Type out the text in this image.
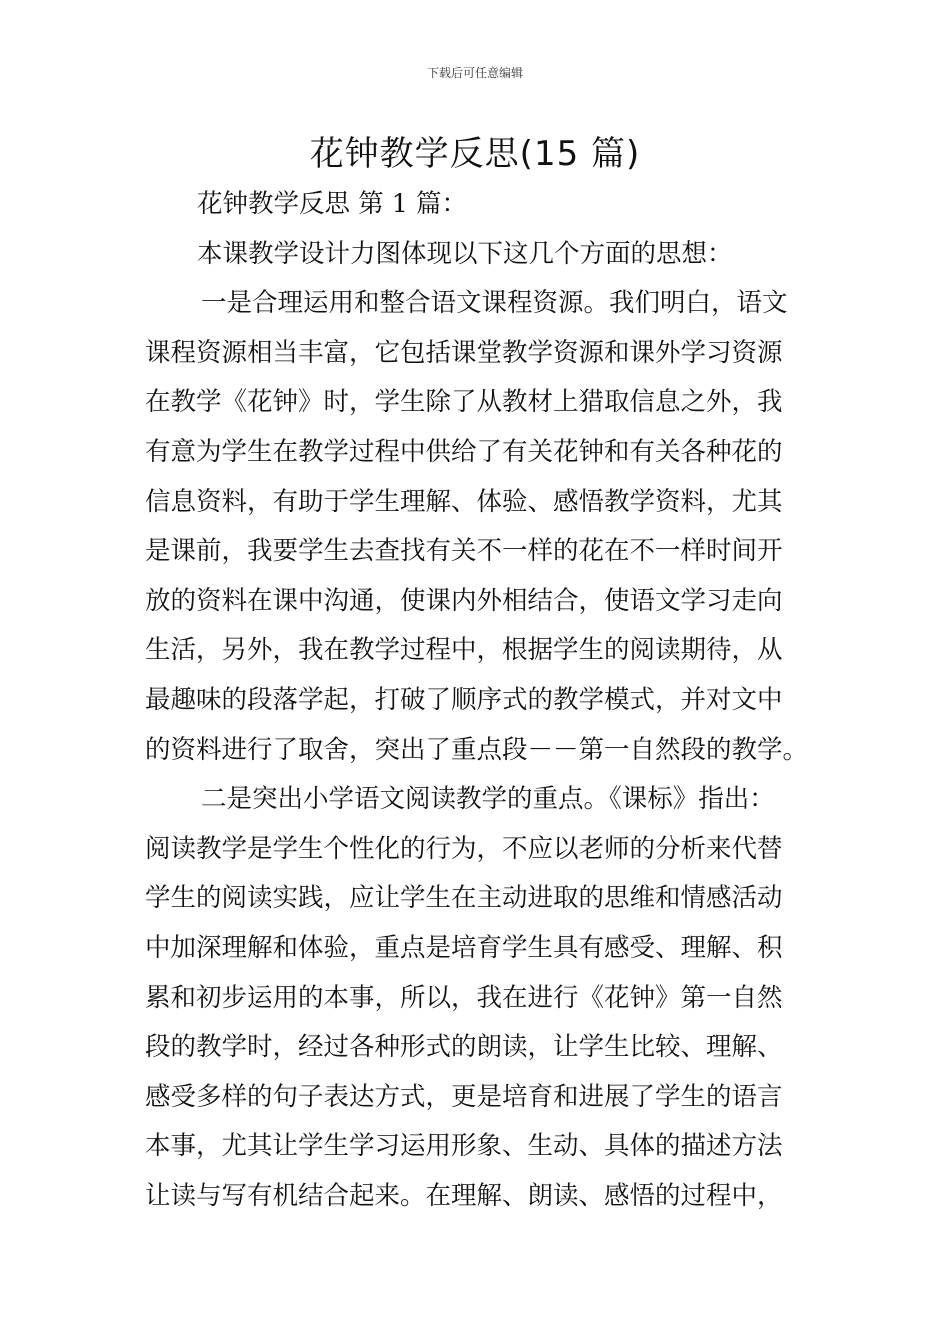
下载后可任意编辑
花钟教学反思(15 篇)
花钟教学反思 第 1 篇：
本课教学设计力图体现以下这几个方面的思想：
一是合理运用和整合语文课程资源。我们明白，语文
课程资源相当丰富，它包括课堂教学资源和课外学习资源
在教学《花钟》时，学生除了从教材上猎取信息之外，我
有意为学生在教学过程中供给了有关花钟和有关各种花的
信息资料，有助于学生理解、体验、感悟教学资料，尤其
是课前，我要学生去查找有关不一样的花在不一样时间开
放的资料在课中沟通，使课内外相结合，使语文学习走向
生活，另外，我在教学过程中，根据学生的阅读期待，从
最趣味的段落学起，打破了顺序式的教学模式，并对文中
的资料进行了取舍，突出了重点段－－第一自然段的教学。
二是突出小学语文阅读教学的重点。《课标》指出：
阅读教学是学生个性化的行为，不应以老师的分析来代替
学生的阅读实践，应让学生在主动进取的思维和情感活动
中加深理解和体验，重点是培育学生具有感受、理解、积
累和初步运用的本事，所以，我在进行《花钟》第一自然
段的教学时，经过各种形式的朗读，让学生比较、理解、
感受多样的句子表达方式，更是培育和进展了学生的语言
本事，尤其让学生学习运用形象、生动、具体的描述方法
让读与写有机结合起来。在理解、朗读、感悟的过程中，
